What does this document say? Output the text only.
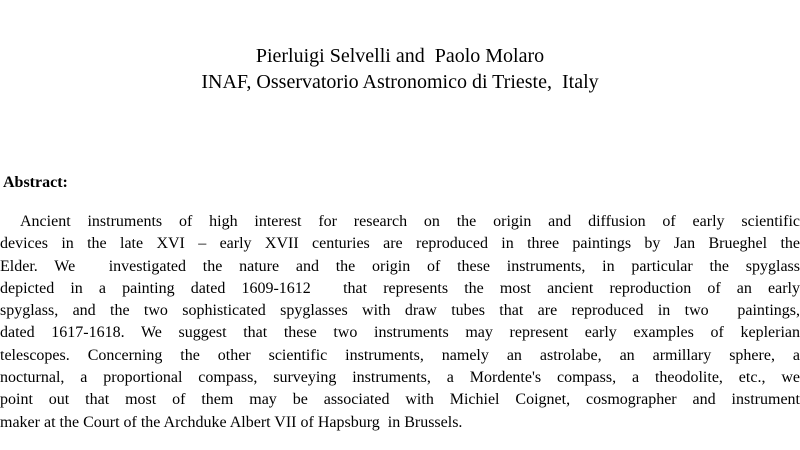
Pierluigi Selvelli and  Paolo Molaro
INAF, Osservatorio Astronomico di Trieste,  Italy
Abstract:
Ancient instruments of high interest for research on the origin and diffusion of early scientific
devices in the late XVI – early XVII centuries are reproduced in three paintings by Jan Brueghel the
Elder. We  investigated the nature and the origin of these instruments, in particular the spyglass
depicted in a painting dated 1609-1612  that represents the most ancient reproduction of an early
spyglass, and the two sophisticated spyglasses with draw tubes that are reproduced in two  paintings,
dated 1617-1618. We suggest that these two instruments may represent early examples of keplerian
telescopes. Concerning the other scientific instruments, namely an astrolabe, an armillary sphere, a
nocturnal, a proportional compass, surveying instruments, a Mordente's compass, a theodolite, etc., we
point out that most of them may be associated with Michiel Coignet, cosmographer and instrument
maker at the Court of the Archduke Albert VII of Hapsburg  in Brussels.
